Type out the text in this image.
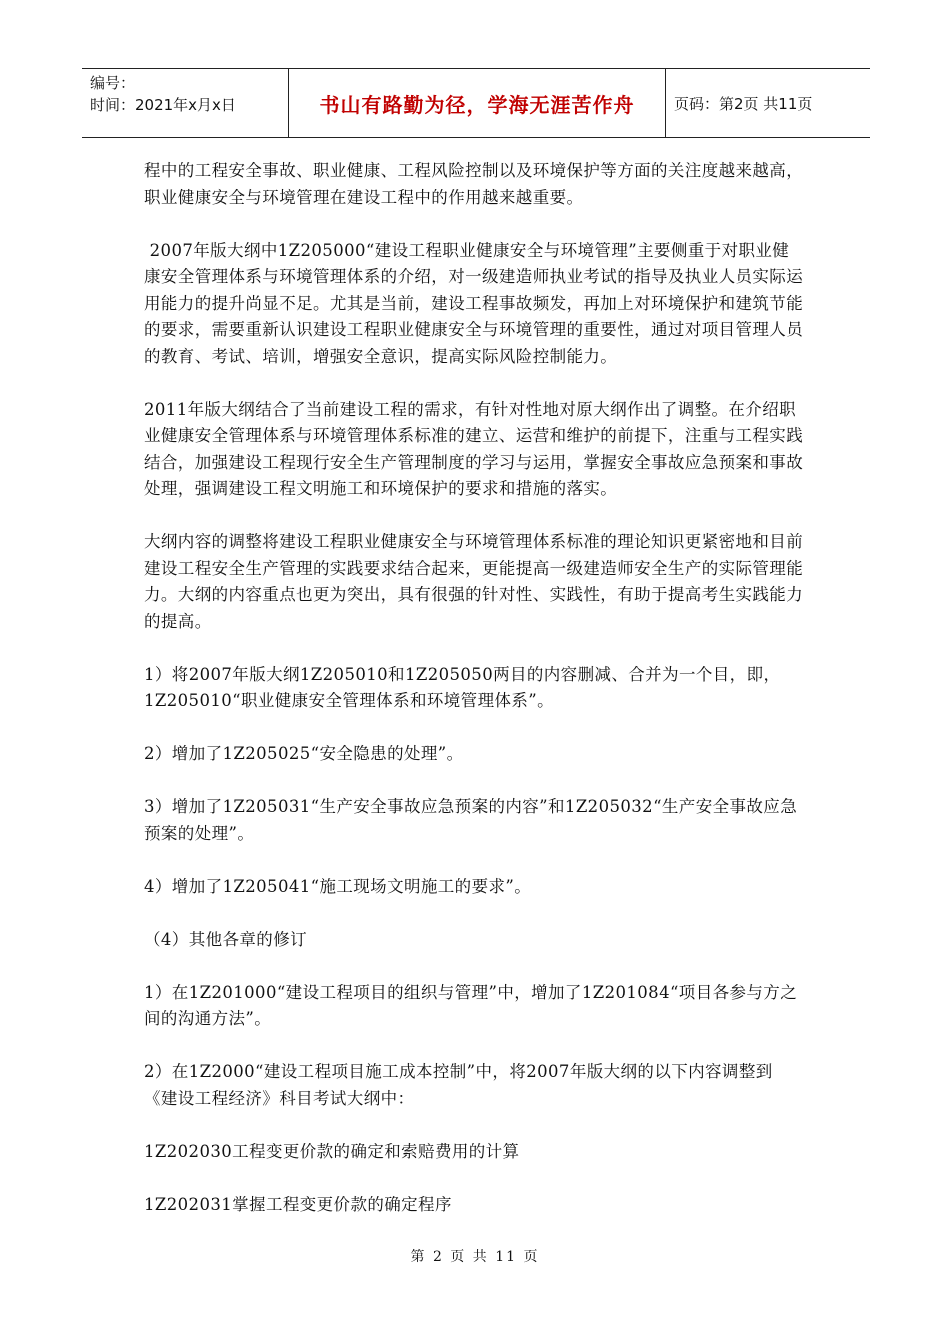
编号：
时间：2021年x月x日	书山有路勤为径，学海无涯苦作舟	页码：第2页 共11页

程中的工程安全事故、职业健康、工程风险控制以及环境保护等方面的关注度越来越高，职业健康安全与环境管理在建设工程中的作用越来越重要。

2007年版大纲中1Z205000“建设工程职业健康安全与环境管理”主要侧重于对职业健康安全管理体系与环境管理体系的介绍，对一级建造师执业考试的指导及执业人员实际运用能力的提升尚显不足。尤其是当前，建设工程事故频发，再加上对环境保护和建筑节能的要求，需要重新认识建设工程职业健康安全与环境管理的重要性，通过对项目管理人员的教育、考试、培训，增强安全意识，提高实际风险控制能力。

2011年版大纲结合了当前建设工程的需求，有针对性地对原大纲作出了调整。在介绍职业健康安全管理体系与环境管理体系标准的建立、运营和维护的前提下，注重与工程实践结合，加强建设工程现行安全生产管理制度的学习与运用，掌握安全事故应急预案和事故处理，强调建设工程文明施工和环境保护的要求和措施的落实。

大纲内容的调整将建设工程职业健康安全与环境管理体系标准的理论知识更紧密地和目前建设工程安全生产管理的实践要求结合起来，更能提高一级建造师安全生产的实际管理能力。大纲的内容重点也更为突出，具有很强的针对性、实践性，有助于提高考生实践能力的提高。

1）将2007年版大纲1Z205010和1Z205050两目的内容删减、合并为一个目，即，1Z205010“职业健康安全管理体系和环境管理体系”。

2）增加了1Z205025“安全隐患的处理”。

3）增加了1Z205031“生产安全事故应急预案的内容”和1Z205032“生产安全事故应急预案的处理”。

4）增加了1Z205041“施工现场文明施工的要求”。

（4）其他各章的修订

1）在1Z201000“建设工程项目的组织与管理”中，增加了1Z201084“项目各参与方之间的沟通方法”。

2）在1Z2000“建设工程项目施工成本控制”中，将2007年版大纲的以下内容调整到《建设工程经济》科目考试大纲中：

1Z202030工程变更价款的确定和索赔费用的计算

1Z202031掌握工程变更价款的确定程序

第 2 页 共 11 页
